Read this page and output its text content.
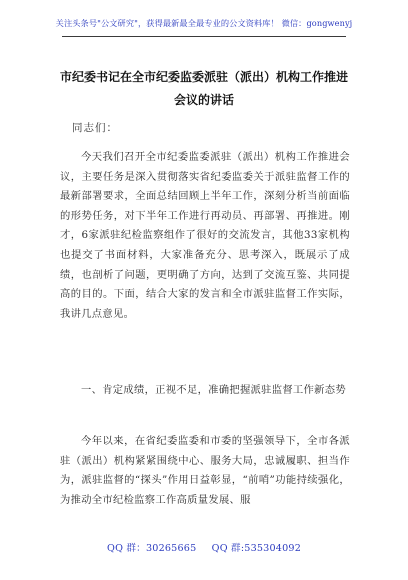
关注头条号"公文研究"，获得最新最全最专业的公文资料库！ 微信：gongwenyj
市纪委书记在全市纪委监委派驻（派出）机构工作推进会议的讲话
同志们：
今天我们召开全市纪委监委派驻（派出）机构工作推进会议，主要任务是深入贯彻落实省纪委监委关于派驻监督工作的最新部署要求，全面总结回顾上半年工作，深刻分析当前面临的形势任务，对下半年工作进行再动员、再部署、再推进。刚才，6家派驻纪检监察组作了很好的交流发言，其他33家机构也提交了书面材料，大家准备充分、思考深入，既展示了成绩，也剖析了问题，更明确了方向，达到了交流互鉴、共同提高的目的。下面，结合大家的发言和全市派驻监督工作实际，我讲几点意见。
一、肯定成绩，正视不足，准确把握派驻监督工作新态势
今年以来，在省纪委监委和市委的坚强领导下，全市各派驻（派出）机构紧紧围绕中心、服务大局，忠诚履职、担当作为，派驻监督的“探头”作用日益彰显，“前哨”功能持续强化，为推动全市纪检监察工作高质量发展、服
QQ 群：30265665 QQ 群:535304092
